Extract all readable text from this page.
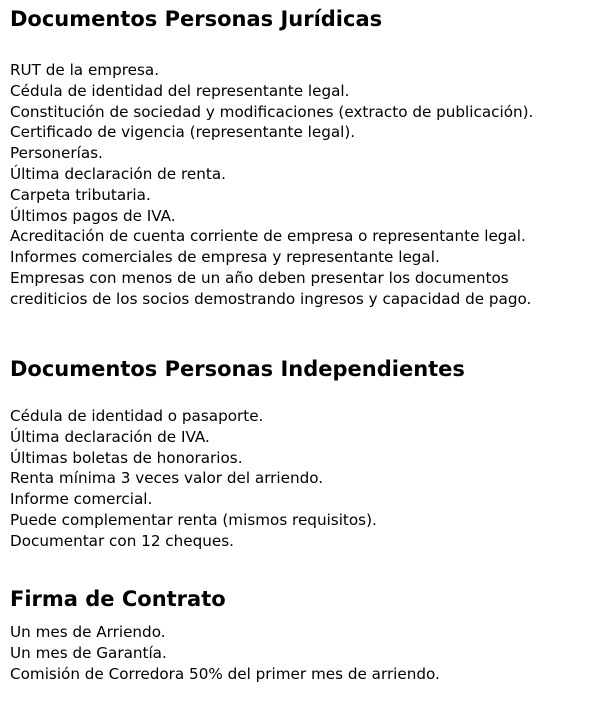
Documentos Personas Jurídicas
RUT de la empresa.
Cédula de identidad del representante legal.
Constitución de sociedad y modificaciones (extracto de publicación).
Certificado de vigencia (representante legal).
Personerías.
Última declaración de renta.
Carpeta tributaria.
Últimos pagos de IVA.
Acreditación de cuenta corriente de empresa o representante legal.
Informes comerciales de empresa y representante legal.
Empresas con menos de un año deben presentar los documentos
crediticios de los socios demostrando ingresos y capacidad de pago.
Documentos Personas Independientes
Cédula de identidad o pasaporte.
Última declaración de IVA.
Últimas boletas de honorarios.
Renta mínima 3 veces valor del arriendo.
Informe comercial.
Puede complementar renta (mismos requisitos).
Documentar con 12 cheques.
Firma de Contrato
Un mes de Arriendo.
Un mes de Garantía.
Comisión de Corredora 50% del primer mes de arriendo.
